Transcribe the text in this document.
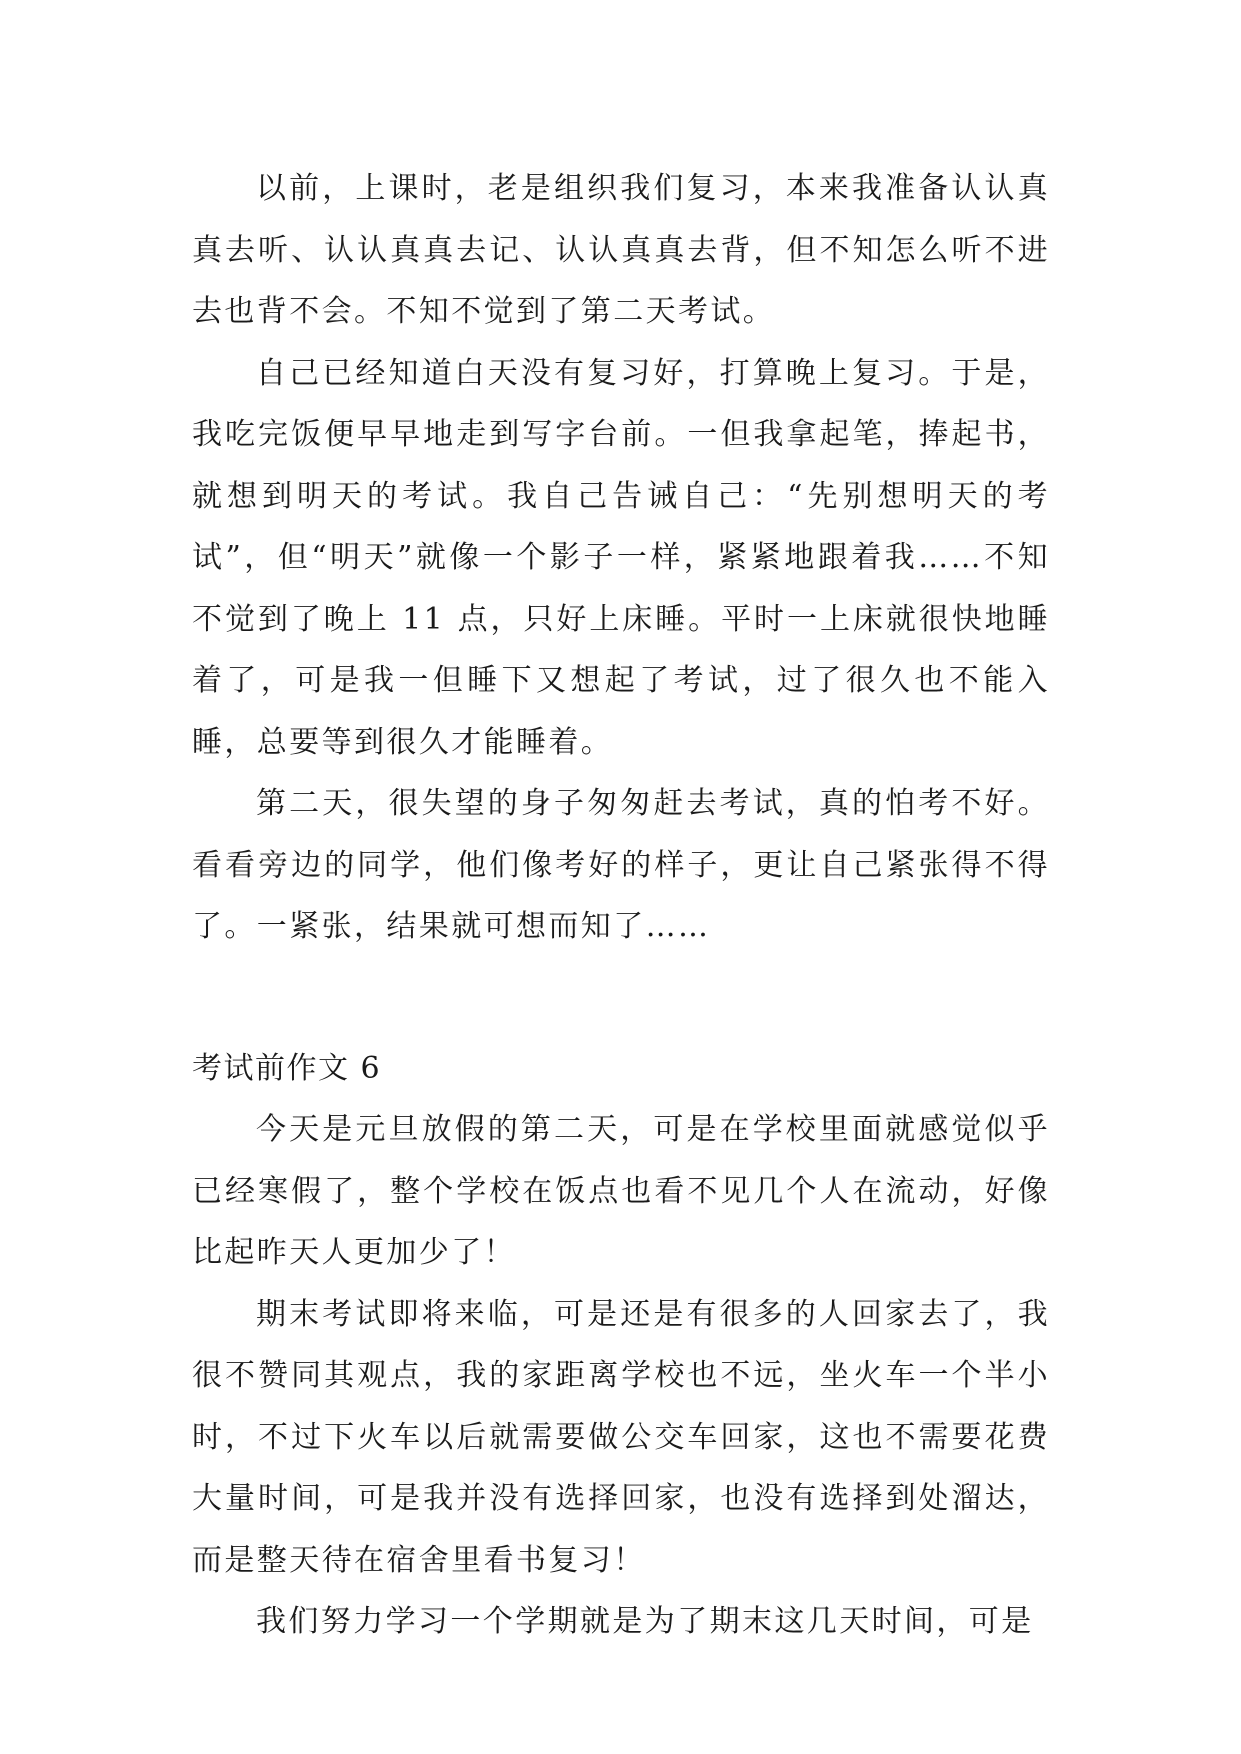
以前，上课时，老是组织我们复习，本来我准备认认真真去听、认认真真去记、认认真真去背，但不知怎么听不进去也背不会。不知不觉到了第二天考试。

自己已经知道白天没有复习好，打算晚上复习。于是，我吃完饭便早早地走到写字台前。一但我拿起笔，捧起书，就想到明天的考试。我自己告诫自己：“先别想明天的考试”，但“明天”就像一个影子一样，紧紧地跟着我……不知不觉到了晚上 11 点，只好上床睡。平时一上床就很快地睡着了，可是我一但睡下又想起了考试，过了很久也不能入睡，总要等到很久才能睡着。

第二天，很失望的身子匆匆赶去考试，真的怕考不好。看看旁边的同学，他们像考好的样子，更让自己紧张得不得了。一紧张，结果就可想而知了……

考试前作文 6

今天是元旦放假的第二天，可是在学校里面就感觉似乎已经寒假了，整个学校在饭点也看不见几个人在流动，好像比起昨天人更加少了！

期末考试即将来临，可是还是有很多的人回家去了，我很不赞同其观点，我的家距离学校也不远，坐火车一个半小时，不过下火车以后就需要做公交车回家，这也不需要花费大量时间，可是我并没有选择回家，也没有选择到处溜达，而是整天待在宿舍里看书复习！

我们努力学习一个学期就是为了期末这几天时间，可是
